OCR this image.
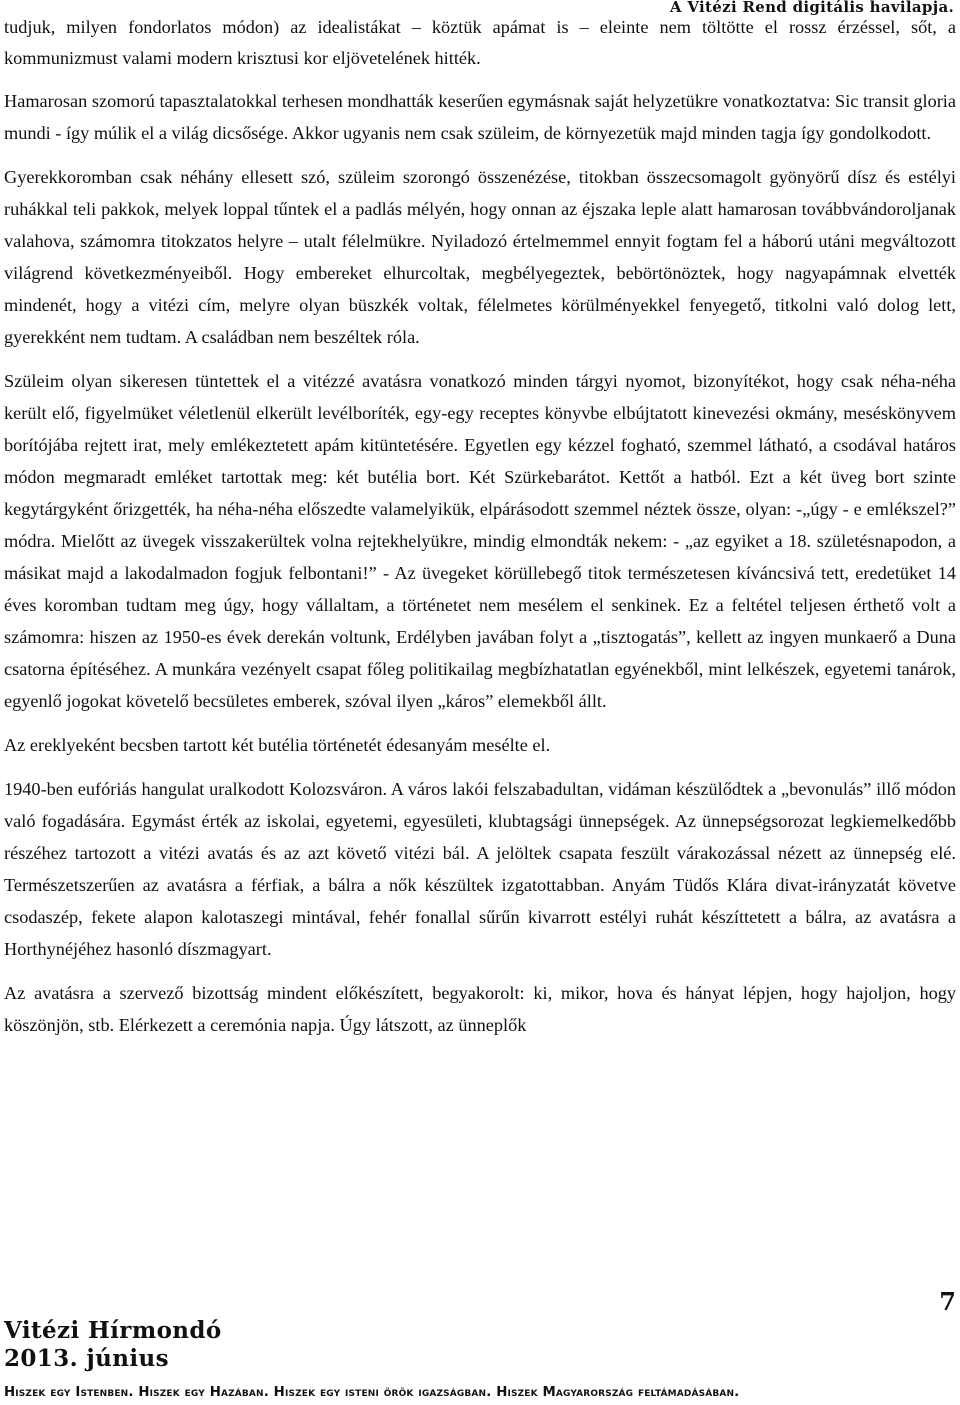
A Vitézi Rend digitális havilapja.

tudjuk, milyen fondorlatos módon) az idealistákat – köztük apámat is – eleinte nem töltötte el rossz érzéssel, sőt, a kommunizmust valami modern krisztusi kor eljövetelének hitték.

Hamarosan szomorú tapasztalatokkal terhesen mondhatták keserűen egymásnak saját helyzetükre vonatkoztatva: Sic transit gloria mundi - így múlik el a világ dicsősége. Akkor ugyanis nem csak szüleim, de környezetük majd minden tagja így gondolkodott.

Gyerekkoromban csak néhány ellesett szó, szüleim szorongó összenézése, titokban összecsomagolt gyönyörű dísz és estélyi ruhákkal teli pakkok, melyek loppal tűntek el a padlás mélyén, hogy onnan az éjszaka leple alatt hamarosan továbbvándoroljanak valahova, számomra titokzatos helyre – utalt félelmükre. Nyiladozó értelmemmel ennyit fogtam fel a háború utáni megváltozott világrend következményeiből. Hogy embereket elhurcoltak, megbélyegeztek, bebörtönöztek, hogy nagyapámnak elvették mindenét, hogy a vitézi cím, melyre olyan büszkék voltak, félelmetes körülményekkel fenyegető, titkolni való dolog lett, gyerekként nem tudtam. A családban nem beszéltek róla.

Szüleim olyan sikeresen tüntettek el a vitézzé avatásra vonatkozó minden tárgyi nyomot, bizonyítékot, hogy csak néha-néha került elő, figyelmüket véletlenül elkerült levélboríték, egy-egy receptes könyvbe elbújtatott kinevezési okmány, meséskönyvem borítójába rejtett irat, mely emlékeztetett apám kitüntetésére. Egyetlen egy kézzel fogható, szemmel látható, a csodával határos módon megmaradt emléket tartottak meg: két butélia bort. Két Szürkebarátot. Kettőt a hatból. Ezt a két üveg bort szinte kegytárgyként őrizgették, ha néha-néha előszedte valamelyikük, elpárásodott szemmel néztek össze, olyan: -„úgy - e emlékszel?” módra. Mielőtt az üvegek visszakerültek volna rejtekhelyükre, mindig elmondták nekem: - „az egyiket a 18. születésnapodon, a másikat majd a lakodalmadon fogjuk felbontani!” - Az üvegeket körüllebegő titok természetesen kíváncsivá tett, eredetüket 14 éves koromban tudtam meg úgy, hogy vállaltam, a történetet nem mesélem el senkinek. Ez a feltétel teljesen érthető volt a számomra: hiszen az 1950-es évek derekán voltunk, Erdélyben javában folyt a „tisztogatás”, kellett az ingyen munkaerő a Duna csatorna építéséhez. A munkára vezényelt csapat főleg politikailag megbízhatatlan egyénekből, mint lelkészek, egyetemi tanárok, egyenlő jogokat követelő becsületes emberek, szóval ilyen „káros” elemekből állt.

Az ereklyeként becsben tartott két butélia történetét édesanyám mesélte el.

1940-ben eufóriás hangulat uralkodott Kolozsváron. A város lakói felszabadultan, vidáman készülődtek a „bevonulás” illő módon való fogadására. Egymást érték az iskolai, egyetemi, egyesületi, klubtagsági ünnepségek. Az ünnepségsorozat legkiemelkedőbb részéhez tartozott a vitézi avatás és az azt követő vitézi bál. A jelöltek csapata feszült várakozással nézett az ünnepség elé. Természetszerűen az avatásra a férfiak, a bálra a nők készültek izgatottabban. Anyám Tüdős Klára divat-irányzatát követve csodaszép, fekete alapon kalotaszegi mintával, fehér fonallal sűrűn kivarrott estélyi ruhát készíttetett a bálra, az avatásra a Horthynéjéhez hasonló díszmagyart.

Az avatásra a szervező bizottság mindent előkészített, begyakorolt: ki, mikor, hova és hányat lépjen, hogy hajoljon, hogy köszönjön, stb. Elérkezett a ceremónia napja. Úgy látszott, az ünneplők

7
Vitézi Hírmondó
2013. június
Hiszek egy Istenben. Hiszek egy Hazában. Hiszek egy isteni örök igazságban. Hiszek Magyarország feltámadásában.
